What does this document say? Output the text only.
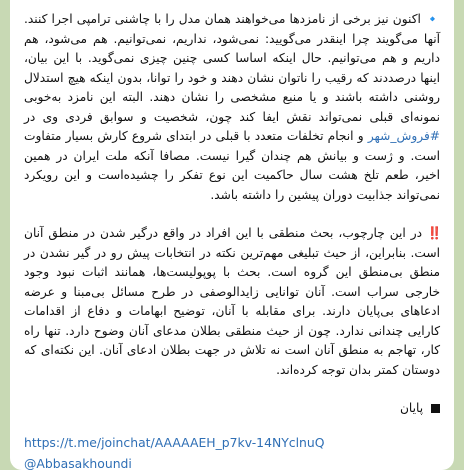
🔹 اکنون نیز برخی از نامزدها می‌خواهند همان مدل را با چاشنی ترامپی اجرا کنند. آنها می‌گویند چرا اینقدر می‌گویید: نمی‌شود، نداریم، نمی‌توانیم. هم می‌شود، هم داریم و هم می‌توانیم. حال اینکه اساسا کسی چنین چیزی نمی‌گوید. با این بیان، اینها درصددند که رقیب را ناتوان نشان دهند و خود را توانا، بدون اینکه هیچ استدلال روشنی داشته باشند و یا منبع مشخصی را نشان دهند. البته این نامزد به‌خوبی نمونه‌ای قبلی نمی‌تواند نقش ایفا کند چون، شخصیت و سوابق فردی وی در #فروش_شهر و انجام تخلفات متعدد با قبلی در ابتدای شروع کارش بسیار متفاوت است. و ژست و بیانش هم چندان گیرا نیست. مصافا آنکه ملت ایران در همین اخیر، طعم تلخ هشت سال حاکمیت این نوع تفکر را چشیده‌است و این رویکرد نمی‌تواند جذابیت دوران پیشین را داشته باشد.

‼️ در این چارچوب، بحث منطقی با این افراد در واقع درگیر شدن در منطق آنان است. بنابراین، از حیث تبلیغی مهم‌ترین نکته در انتخابات پیش رو در گیر نشدن در منطق بی‌منطق این گروه است. بحث با پوپولیست‌ها، همانند اثبات نبود وجود خارجی سراب است. آنان توانایی زایدالوصفی در طرح مسائل بی‌مبنا و عرضه ادعاهای بی‌پایان دارند. برای مقابله با آنان، توضیح ابهامات و دفاع از اقدامات کارایی چندانی ندارد. چون از حیث منطقی بطلان مدعای آنان وضوح دارد. تنها راه کار، تهاجم به منطق آنان است نه تلاش در جهت بطلان ادعای آنان. این نکته‌ای که دوستان کمتر بدان توجه کرده‌اند.

پایان

https://t.me/joinchat/AAAAAEH_p7kv-14NYclnuQ
@Abbasakhoundi
